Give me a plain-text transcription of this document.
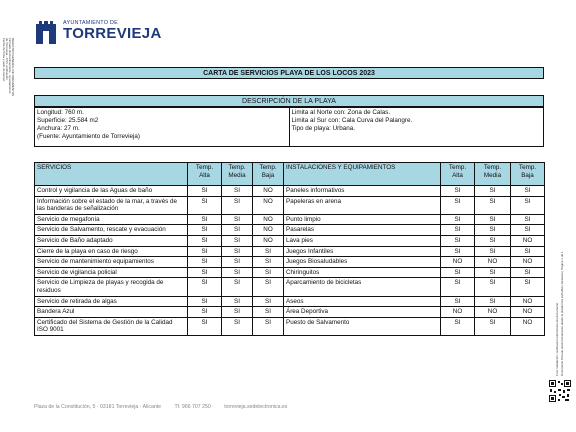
AYUNTAMIENTO DE
TORREVIEJA
REGISTRO GENERAL DE DOCUMENTOS
Firmado electrónicamente - Ayuntamiento
de Torrevieja - CSV verificación
Fecha de firma y sello de tiempo
Cód. Validación: verificación electrónica del documento Documento firmado electrónicamente desde la plataforma esPublico Gestiona | Página 1 de 1
CARTA DE SERVICIOS PLAYA DE LOS LOCOS 2023
DESCRIPCIÓN DE LA PLAYA
Longitud: 760 m.
Superficie: 25.584 m2
Anchura: 27 m.
(Fuente: Ayuntamiento de Torrevieja)
Limita al Norte con: Zona de Calas.
Limita al Sur con: Cala Curva del Palangre.
Tipo de playa: Urbana.
SERVICIOS	Temp. Alta	Temp. Media	Temp. Baja	INSTALACIONES Y EQUIPAMIENTOS	Temp. Alta	Temp. Media	Temp. Baja
Control y vigilancia de las Aguas de baño	SI	SI	NO	Paneles informativos	SI	SI	SI
Información sobre el estado de la mar, a través de las banderas de señalización	SI	SI	NO	Papeleras en arena	SI	SI	SI
Servicio de megafonía	SI	SI	NO	Punto limpio	SI	SI	SI
Servicio de Salvamento, rescate y evacuación	SI	SI	NO	Pasarelas	SI	SI	SI
Servicio de Baño adaptado	SI	SI	NO	Lava pies	SI	SI	NO
Cierre de la playa en caso de riesgo	SI	SI	SI	Juegos Infantiles	SI	SI	SI
Servicio de mantenimiento equipamientos	SI	SI	SI	Juegos Biosaludables	NO	NO	NO
Servicio de vigilancia policial	SI	SI	SI	Chiringuitos	SI	SI	SI
Servicio de Limpieza de playas y recogida de residuos	SI	SI	SI	Aparcamiento de bicicletas	SI	SI	SI
Servicio de retirada de algas	SI	SI	SI	Aseos	SI	SI	NO
Bandera Azul	SI	SI	SI	Área Deportiva	NO	NO	NO
Certificado del Sistema de Gestión de la Calidad ISO 9001	SI	SI	SI	Puesto de Salvamento	SI	SI	NO
Plaza de la Constitución, 5 · 03181 Torrevieja · Alicante	Tf. 966 707 250	torrevieja.sedelectronica.es
